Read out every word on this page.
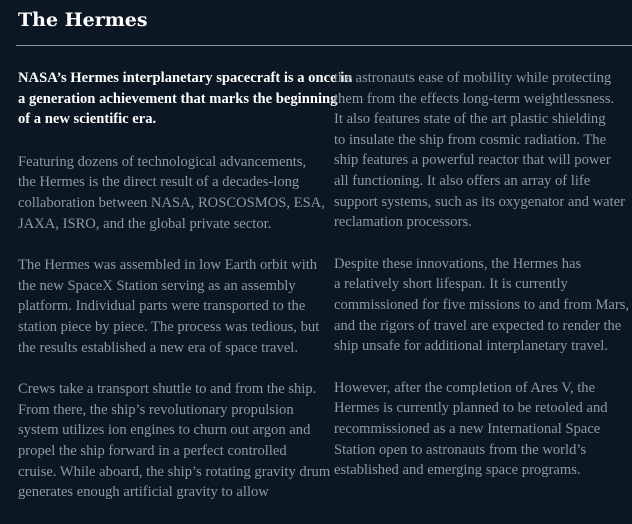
The Hermes

NASA’s Hermes interplanetary spacecraft is a once in
a generation achievement that marks the beginning
of a new scientific era.

Featuring dozens of technological advancements,
the Hermes is the direct result of a decades-long
collaboration between NASA, ROSCOSMOS, ESA,
JAXA, ISRO, and the global private sector.

The Hermes was assembled in low Earth orbit with
the new SpaceX Station serving as an assembly
platform. Individual parts were transported to the
station piece by piece. The process was tedious, but
the results established a new era of space travel.

Crews take a transport shuttle to and from the ship.
From there, the ship’s revolutionary propulsion
system utilizes ion engines to churn out argon and
propel the ship forward in a perfect controlled
cruise. While aboard, the ship’s rotating gravity drum
generates enough artificial gravity to allow

the astronauts ease of mobility while protecting
them from the effects long-term weightlessness.
It also features state of the art plastic shielding
to insulate the ship from cosmic radiation. The
ship features a powerful reactor that will power
all functioning. It also offers an array of life
support systems, such as its oxygenator and water
reclamation processors.

Despite these innovations, the Hermes has
a relatively short lifespan. It is currently
commissioned for five missions to and from Mars,
and the rigors of travel are expected to render the
ship unsafe for additional interplanetary travel.

However, after the completion of Ares V, the
Hermes is currently planned to be retooled and
recommissioned as a new International Space
Station open to astronauts from the world’s
established and emerging space programs.
